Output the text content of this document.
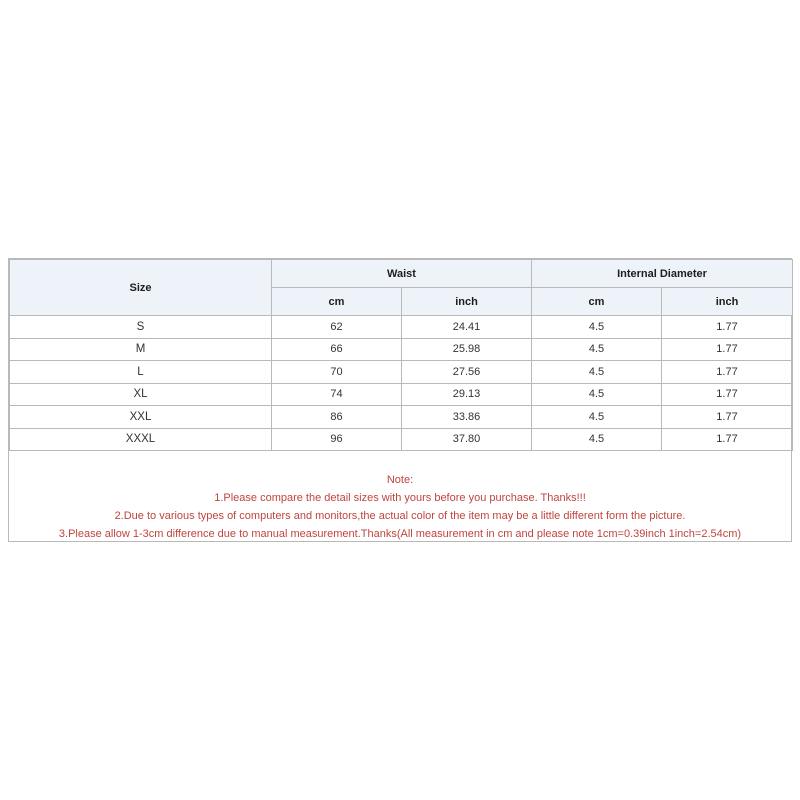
Size	Waist		Internal Diameter	
	cm	inch	cm	inch
S	62	24.41	4.5	1.77
M	66	25.98	4.5	1.77
L	70	27.56	4.5	1.77
XL	74	29.13	4.5	1.77
XXL	86	33.86	4.5	1.77
XXXL	96	37.80	4.5	1.77
Note:
1.Please compare the detail sizes with yours before you purchase. Thanks!!!
2.Due to various types of computers and monitors,the actual color of the item may be a little different form the picture.
3.Please allow 1-3cm difference due to manual measurement.Thanks(All measurement in cm and please note 1cm=0.39inch 1inch=2.54cm)
